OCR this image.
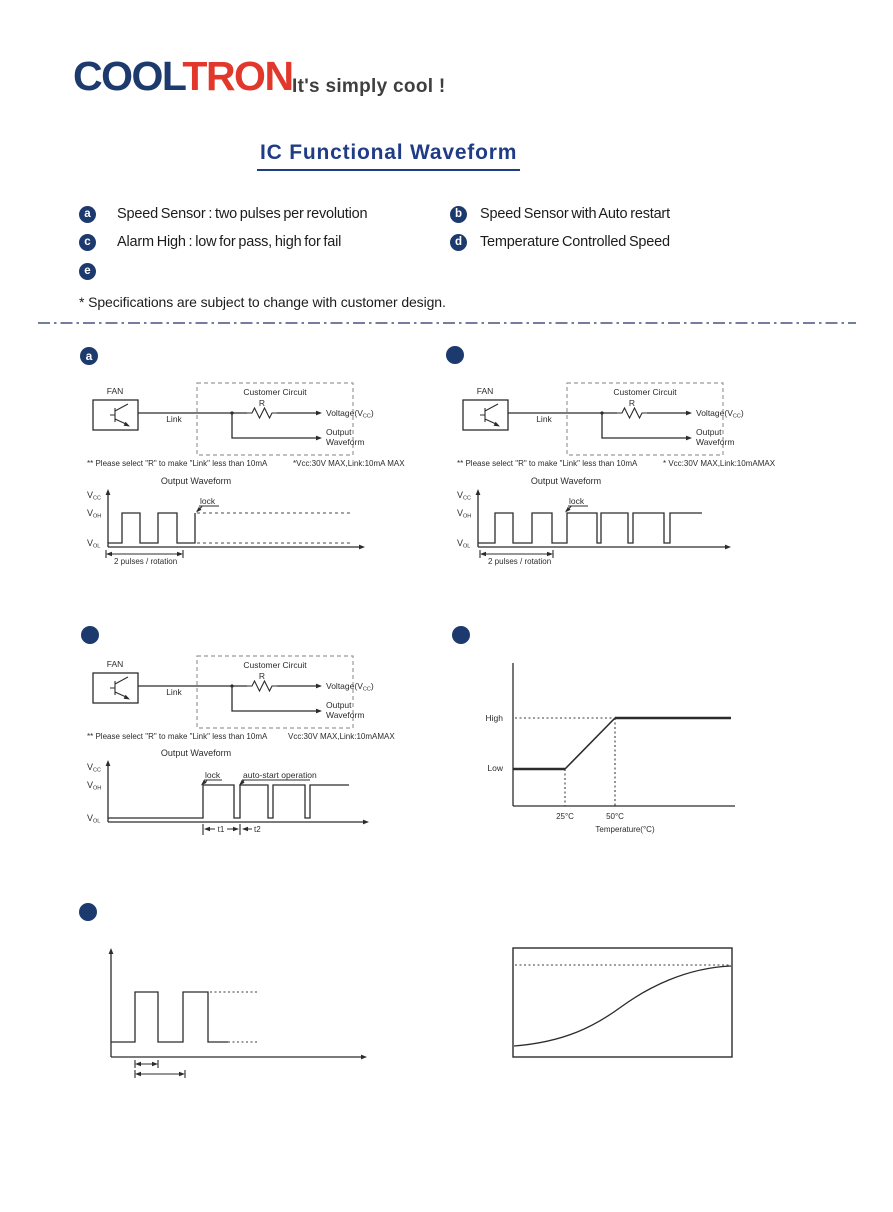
COOLTRON It's simply cool !
IC Functional Waveform
a Speed Sensor : two pulses per revolution	b Speed Sensor with Auto restart
c Alarm High : low for pass, high for fail	d Temperature Controlled Speed
e
* Specifications are subject to change with customer design.
a
FAN	Customer Circuit
Link
R
Voltage(VCC)
Output
Waveform
** Please select "R" to make "Link" less than 10mA	*Vcc:30V MAX,Link:10mA MAX
Output Waveform
VCC
VOH
VOL
lock
2 pulses / rotation
FAN	Customer Circuit
Link
R
Voltage(VCC)
Output
Waveform
** Please select "R" to make "Link" less than 10mA	* Vcc:30V MAX,Link:10mAMAX
Output Waveform
VCC
VOH
VOL
lock
2 pulses / rotation
FAN	Customer Circuit
Link
R
Voltage(VCC)
Output
Waveform
** Please select "R" to make "Link" less than 10mA	Vcc:30V MAX,Link:10mAMAX
Output Waveform
VCC
VOH
VOL
lock	auto-start operation
t1	t2
High
Low
25°C	50°C
Temperature(°C)
